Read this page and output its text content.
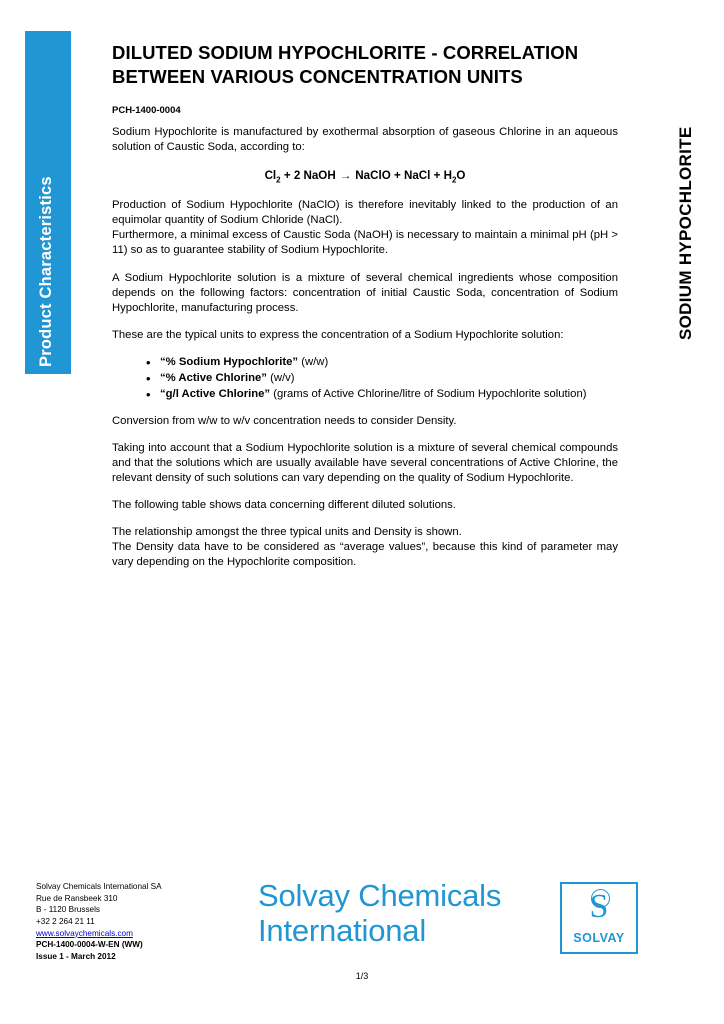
Product Characteristics	SODIUM HYPOCHLORITE
DILUTED SODIUM HYPOCHLORITE - CORRELATION BETWEEN VARIOUS CONCENTRATION UNITS
PCH-1400-0004

Sodium Hypochlorite is manufactured by exothermal absorption of gaseous Chlorine in an aqueous solution of Caustic Soda, according to:

$Cl_2 + 2$ NaOH → NaClO + NaCl + $H_2O$

Production of Sodium Hypochlorite (NaClO) is therefore inevitably linked to the production of an equimolar quantity of Sodium Chloride (NaCl).

Furthermore, a minimal excess of Caustic Soda (NaOH) is necessary to maintain a minimal pH (pH > 11) so as to guarantee stability of Sodium Hypochlorite.

A Sodium Hypochlorite solution is a mixture of several chemical ingredients whose composition depends on the following factors: concentration of initial Caustic Soda, concentration of Sodium Hypochlorite, manufacturing process.

These are the typical units to express the concentration of a Sodium Hypochlorite solution:

• “% Sodium Hypochlorite” (w/w)
• “% Active Chlorine” (w/v)
• “g/l Active Chlorine” (grams of Active Chlorine/litre of Sodium Hypochlorite solution)

Conversion from w/w to w/v concentration needs to consider Density.

Taking into account that a Sodium Hypochlorite solution is a mixture of several chemical compounds and that the solutions which are usually available have several concentrations of Active Chlorine, the relevant density of such solutions can vary depending on the quality of Sodium Hypochlorite.

The following table shows data concerning different diluted solutions.

The relationship amongst the three typical units and Density is shown.

The Density data have to be considered as “average values”, because this kind of parameter may vary depending on the Hypochlorite composition.

Solvay Chemicals International SA
Rue de Ransbeek 310
B - 1120 Brussels
+32 2 264 21 11
www.solvaychemicals.com
PCH-1400-0004-W-EN (WW)
Issue 1 - March 2012
Solvay Chemicals
International
S
SOLVAY
1/3
